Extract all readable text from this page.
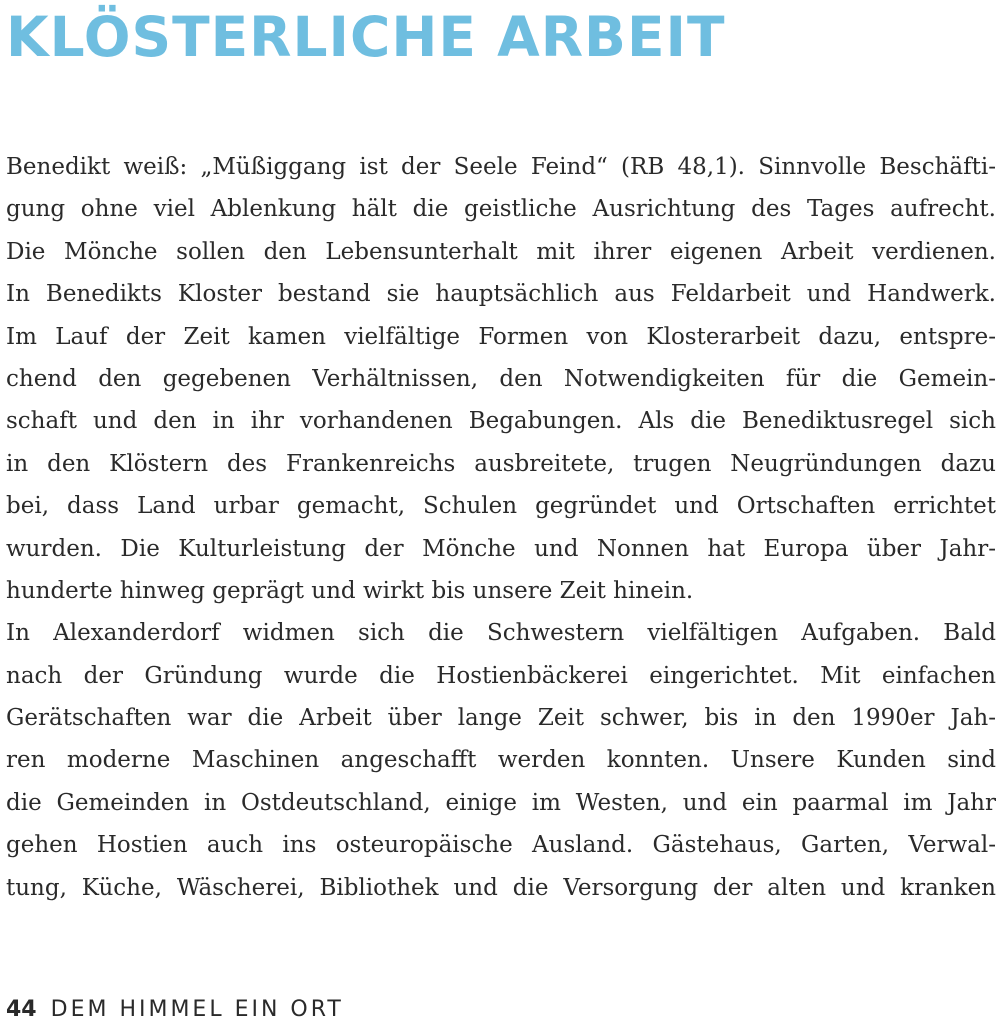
KLÖSTERLICHE ARBEIT
Benedikt weiß: „Müßiggang ist der Seele Feind“ (RB 48,1). Sinnvolle Beschäfti-
gung ohne viel Ablenkung hält die geistliche Ausrichtung des Tages aufrecht.
Die Mönche sollen den Lebensunterhalt mit ihrer eigenen Arbeit verdienen.
In Benedikts Kloster bestand sie hauptsächlich aus Feldarbeit und Handwerk.
Im Lauf der Zeit kamen vielfältige Formen von Klosterarbeit dazu, entspre-
chend den gegebenen Verhältnissen, den Notwendigkeiten für die Gemein-
schaft und den in ihr vorhandenen Begabungen. Als die Benediktusregel sich
in den Klöstern des Frankenreichs ausbreitete, trugen Neugründungen dazu
bei, dass Land urbar gemacht, Schulen gegründet und Ortschaften errichtet
wurden. Die Kulturleistung der Mönche und Nonnen hat Europa über Jahr-
hunderte hinweg geprägt und wirkt bis unsere Zeit hinein.
In Alexanderdorf widmen sich die Schwestern vielfältigen Aufgaben. Bald
nach der Gründung wurde die Hostienbäckerei eingerichtet. Mit einfachen
Gerätschaften war die Arbeit über lange Zeit schwer, bis in den 1990er Jah-
ren moderne Maschinen angeschafft werden konnten. Unsere Kunden sind
die Gemeinden in Ostdeutschland, einige im Westen, und ein paarmal im Jahr
gehen Hostien auch ins osteuropäische Ausland. Gästehaus, Garten, Verwal-
tung, Küche, Wäscherei, Bibliothek und die Versorgung der alten und kranken
44 DEM HIMMEL EIN ORT
